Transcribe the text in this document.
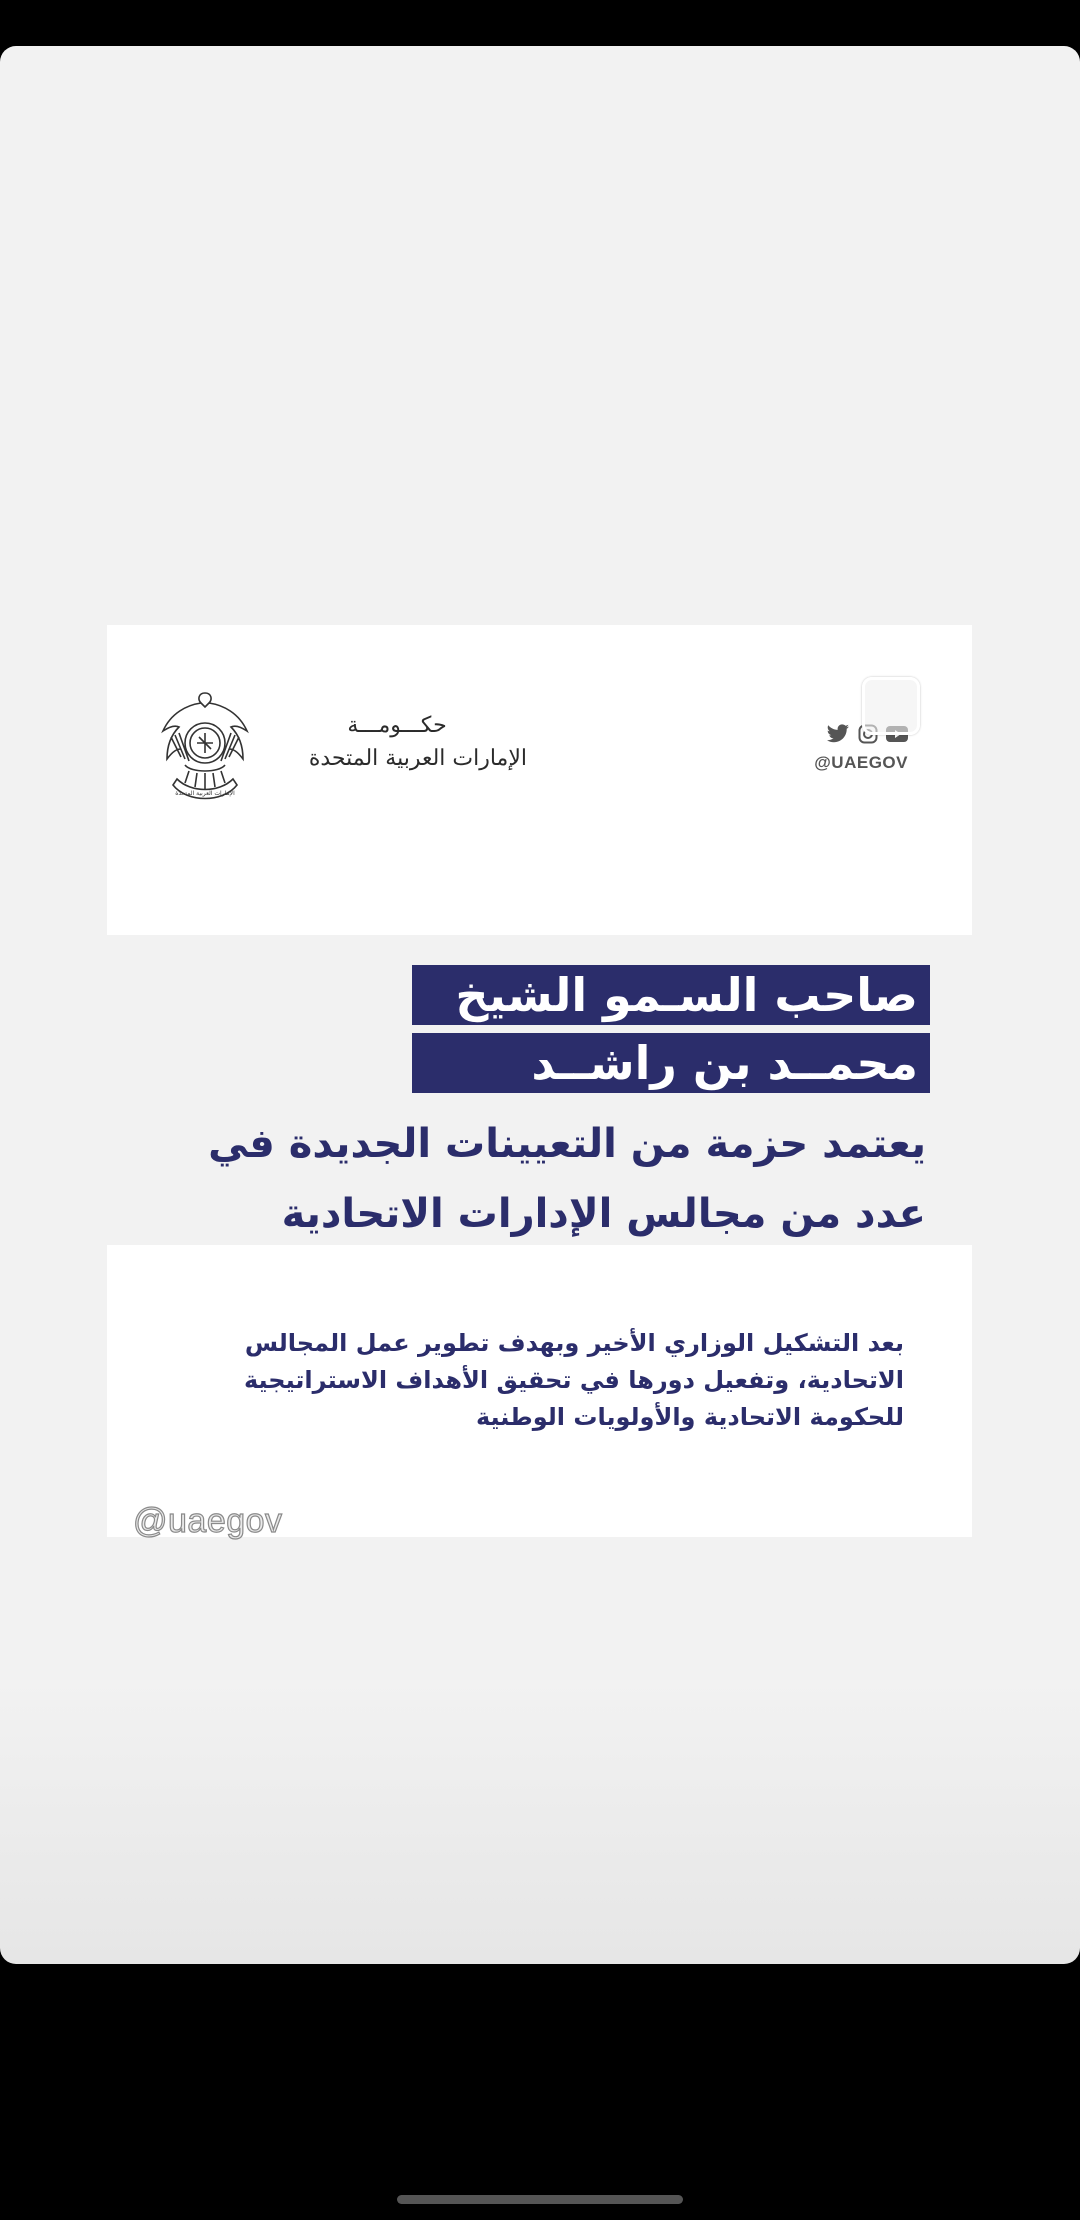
الإمارات العربية المتحدة
حكـــومـــة
الإمارات العربية المتحدة	@UAEGOV
صاحب السـمو الشيخ
محمــد بن راشــد
يعتمد حزمة من التعيينات الجديدة في عدد من مجالس الإدارات الاتحادية
بعد التشكيل الوزاري الأخير وبهدف تطوير عمل المجالس الاتحادية، وتفعيل دورها في تحقيق الأهداف الاستراتيجية للحكومة الاتحادية والأولويات الوطنية
@uaegov
